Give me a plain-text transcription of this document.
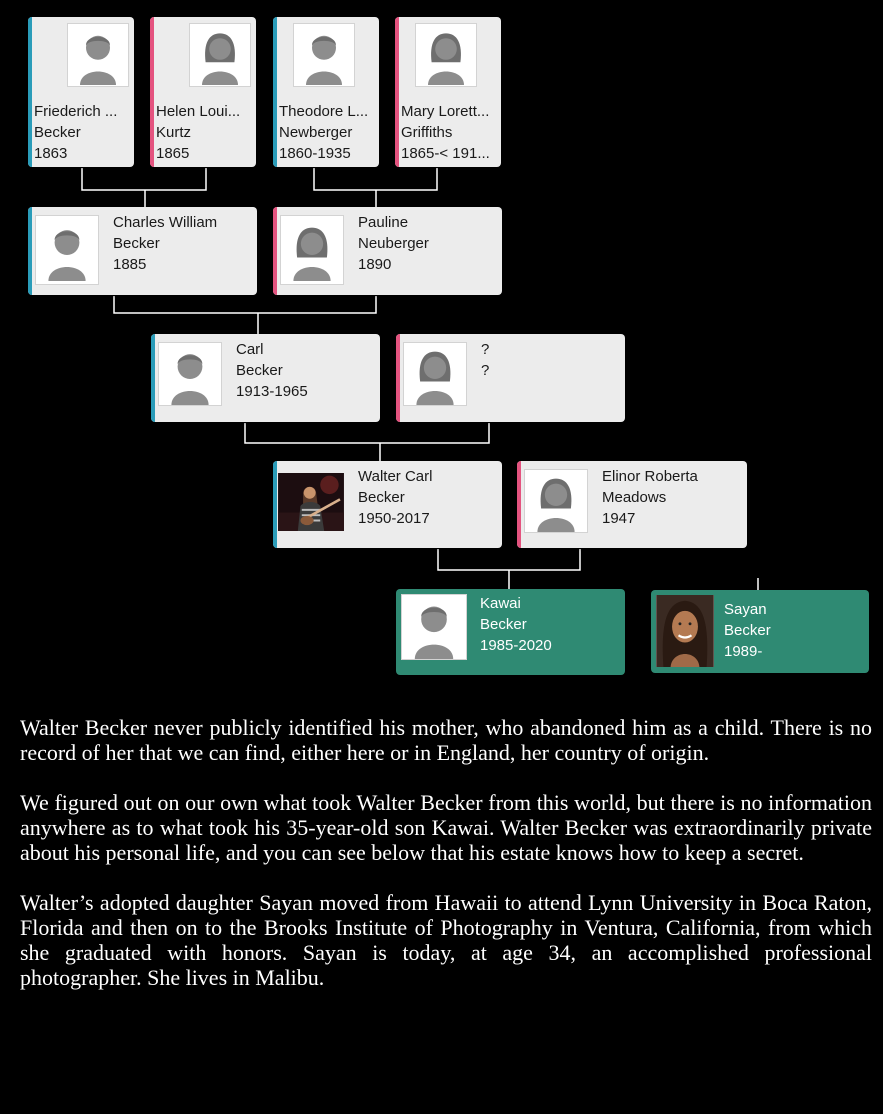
Friederich ...
Becker
1863
Helen Loui...
Kurtz
1865
Theodore L...
Newberger
1860-1935
Mary Lorett...
Griffiths
1865-< 191...
Charles William
Becker
1885
Pauline
Neuberger
1890
Carl
Becker
1913-1965
?
?
Walter Carl
Becker
1950-2017
Elinor Roberta
Meadows
1947
Kawai
Becker
1985-2020
Sayan
Becker
1989-

Walter Becker never publicly identified his mother, who abandoned him as a child. There is no record of her that we can find, either here or in England, her country of origin.

We figured out on our own what took Walter Becker from this world, but there is no information anywhere as to what took his 35-year-old son Kawai. Walter Becker was extraordinarily private about his personal life, and you can see below that his estate knows how to keep a secret.

Walter’s adopted daughter Sayan moved from Hawaii to attend Lynn University in Boca Raton, Florida and then on to the Brooks Institute of Photography in Ventura, California, from which she graduated with honors. Sayan is today, at age 34, an accomplished professional photographer. She lives in Malibu.
